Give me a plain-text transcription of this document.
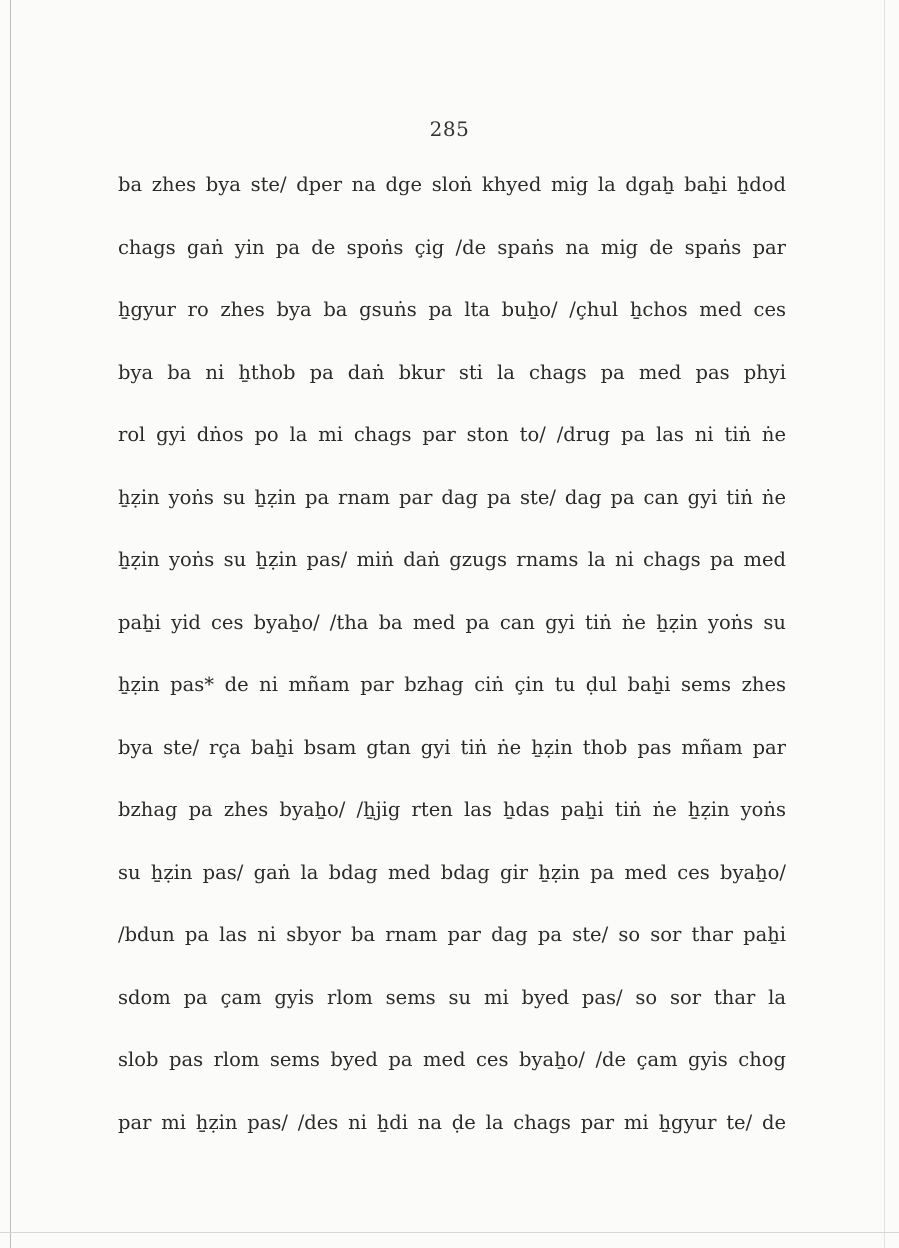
285
ba zhes bya ste/ dper na dge sloṅ khyed mig la dgaẖ baẖi ẖdod
chags gaṅ yin pa de spoṅs çig /de spaṅs na mig de spaṅs par
ẖgyur ro zhes bya ba gsuṅs pa lta buẖo/ /çhul ẖchos med ces
bya ba ni ẖthob pa daṅ bkur sti la chags pa med pas phyi
rol gyi dṅos po la mi chags par ston to/ /drug pa las ni tiṅ ṅe
ẖẓin yoṅs su ẖẓin pa rnam par dag pa ste/ dag pa can gyi tiṅ ṅe
ẖẓin yoṅs su ẖẓin pas/ miṅ daṅ gzugs rnams la ni chags pa med
paẖi yid ces byaẖo/ /tha ba med pa can gyi tiṅ ṅe ẖẓin yoṅs su
ẖẓin pas* de ni mñam par bzhag ciṅ çin tu ḍul baẖi sems zhes
bya ste/ rça baẖi bsam gtan gyi tiṅ ṅe ẖẓin thob pas mñam par
bzhag pa zhes byaẖo/ /ẖjig rten las ẖdas paẖi tiṅ ṅe ẖẓin yoṅs
su ẖẓin pas/ gaṅ la bdag med bdag gir ẖẓin pa med ces byaẖo/
/bdun pa las ni sbyor ba rnam par dag pa ste/ so sor thar paẖi
sdom pa çam gyis rlom sems su mi byed pas/ so sor thar la
slob pas rlom sems byed pa med ces byaẖo/ /de çam gyis chog
par mi ẖẓin pas/ /des ni ẖdi na ḍe la chags par mi ẖgyur te/ de
